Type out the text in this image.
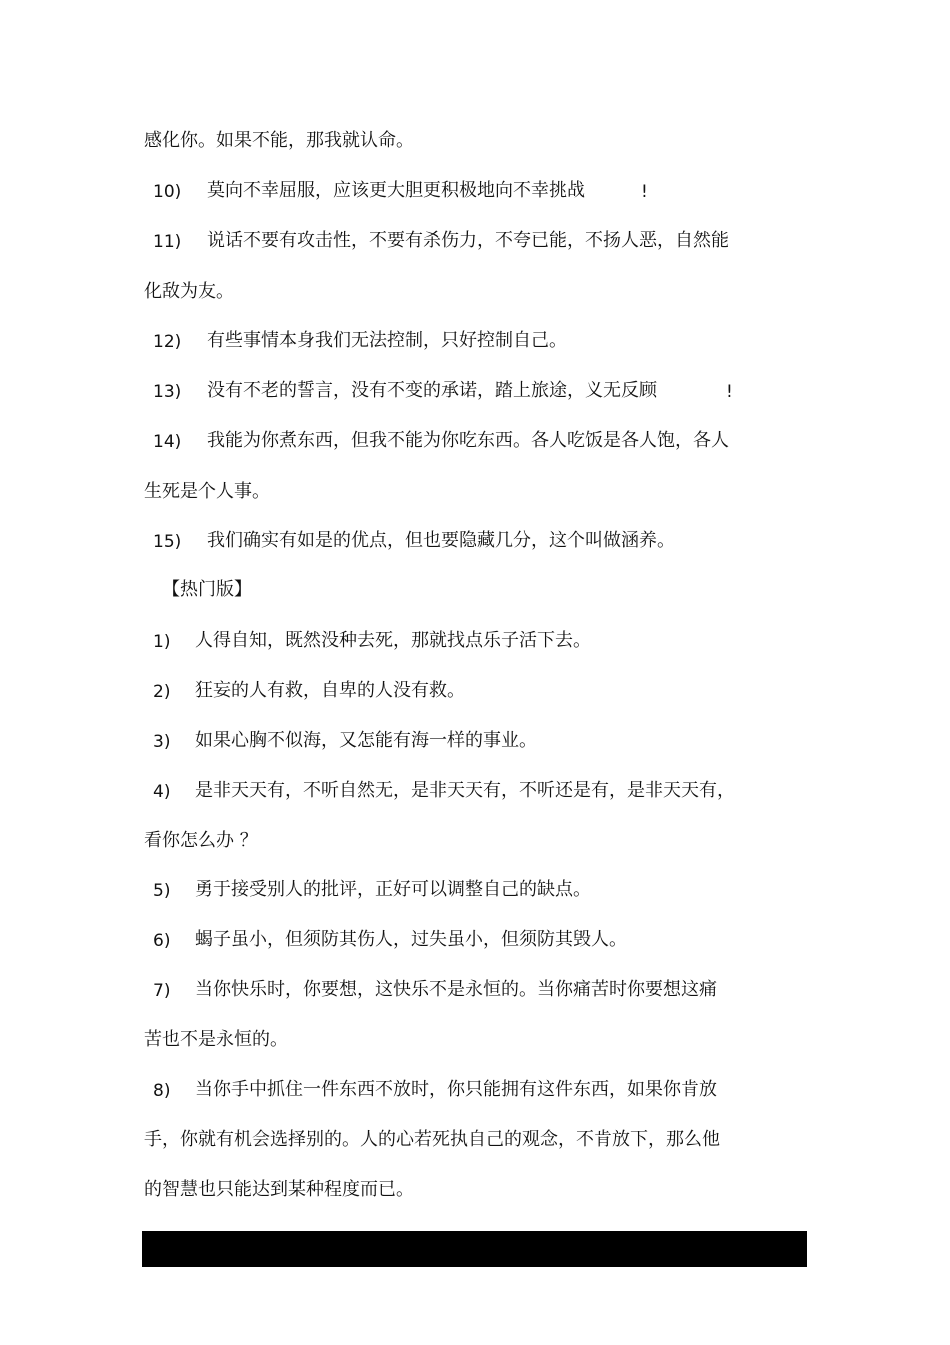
感化你。如果不能，那我就认命。
10) 莫向不幸屈服，应该更大胆更积极地向不幸挑战	!
11) 说话不要有攻击性，不要有杀伤力，不夸已能，不扬人恶，自然能
化敌为友。
12) 有些事情本身我们无法控制，只好控制自己。
13) 没有不老的誓言，没有不变的承诺，踏上旅途，义无反顾	!
14) 我能为你煮东西，但我不能为你吃东西。各人吃饭是各人饱，各人
生死是个人事。
15) 我们确实有如是的优点，但也要隐藏几分，这个叫做涵养。
【热门版】
1) 人得自知，既然没种去死，那就找点乐子活下去。
2) 狂妄的人有救，自卑的人没有救。
3) 如果心胸不似海，又怎能有海一样的事业。
4) 是非天天有，不听自然无，是非天天有，不听还是有，是非天天有，
看你怎么办 ？
5) 勇于接受别人的批评，正好可以调整自己的缺点。
6) 蝎子虽小，但须防其伤人，过失虽小，但须防其毁人。
7) 当你快乐时，你要想，这快乐不是永恒的。当你痛苦时你要想这痛
苦也不是永恒的。
8) 当你手中抓住一件东西不放时，你只能拥有这件东西，如果你肯放
手，你就有机会选择别的。人的心若死执自己的观念，不肯放下，那么他
的智慧也只能达到某种程度而已。
